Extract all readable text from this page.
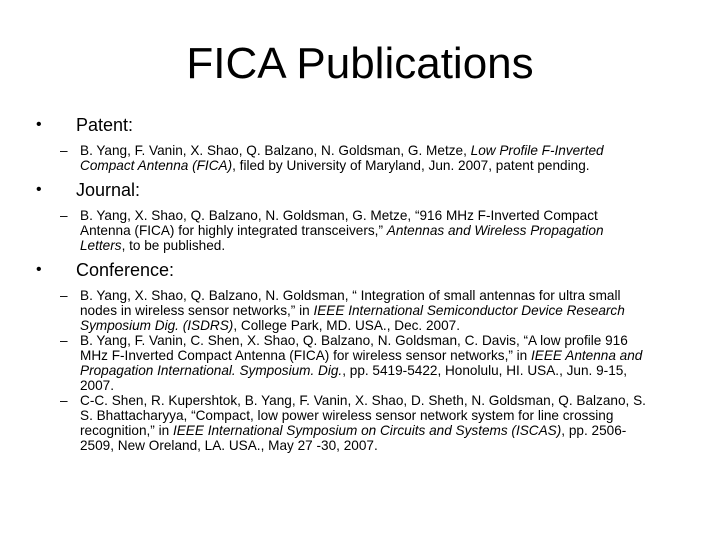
FICA Publications
• Patent:
– B. Yang, F. Vanin, X. Shao, Q. Balzano, N. Goldsman, G. Metze, Low Profile F-Inverted Compact Antenna (FICA), filed by University of Maryland, Jun. 2007, patent pending.
• Journal:
– B. Yang, X. Shao, Q. Balzano, N. Goldsman, G. Metze, “916 MHz F-Inverted Compact Antenna (FICA) for highly integrated transceivers,” Antennas and Wireless Propagation Letters, to be published.
• Conference:
– B. Yang, X. Shao, Q. Balzano, N. Goldsman, “ Integration of small antennas for ultra small nodes in wireless sensor networks,” in IEEE International Semiconductor Device Research Symposium Dig. (ISDRS), College Park, MD. USA., Dec. 2007.
– B. Yang, F. Vanin, C. Shen, X. Shao, Q. Balzano, N. Goldsman, C. Davis, “A low profile 916 MHz F-Inverted Compact Antenna (FICA) for wireless sensor networks,” in IEEE Antenna and Propagation International. Symposium. Dig., pp. 5419-5422, Honolulu, HI. USA., Jun. 9-15, 2007.
– C-C. Shen, R. Kupershtok, B. Yang, F. Vanin, X. Shao, D. Sheth, N. Goldsman, Q. Balzano, S. S. Bhattacharyya, “Compact, low power wireless sensor network system for line crossing recognition,” in IEEE International Symposium on Circuits and Systems (ISCAS), pp. 2506-2509, New Oreland, LA. USA., May 27 -30, 2007.
